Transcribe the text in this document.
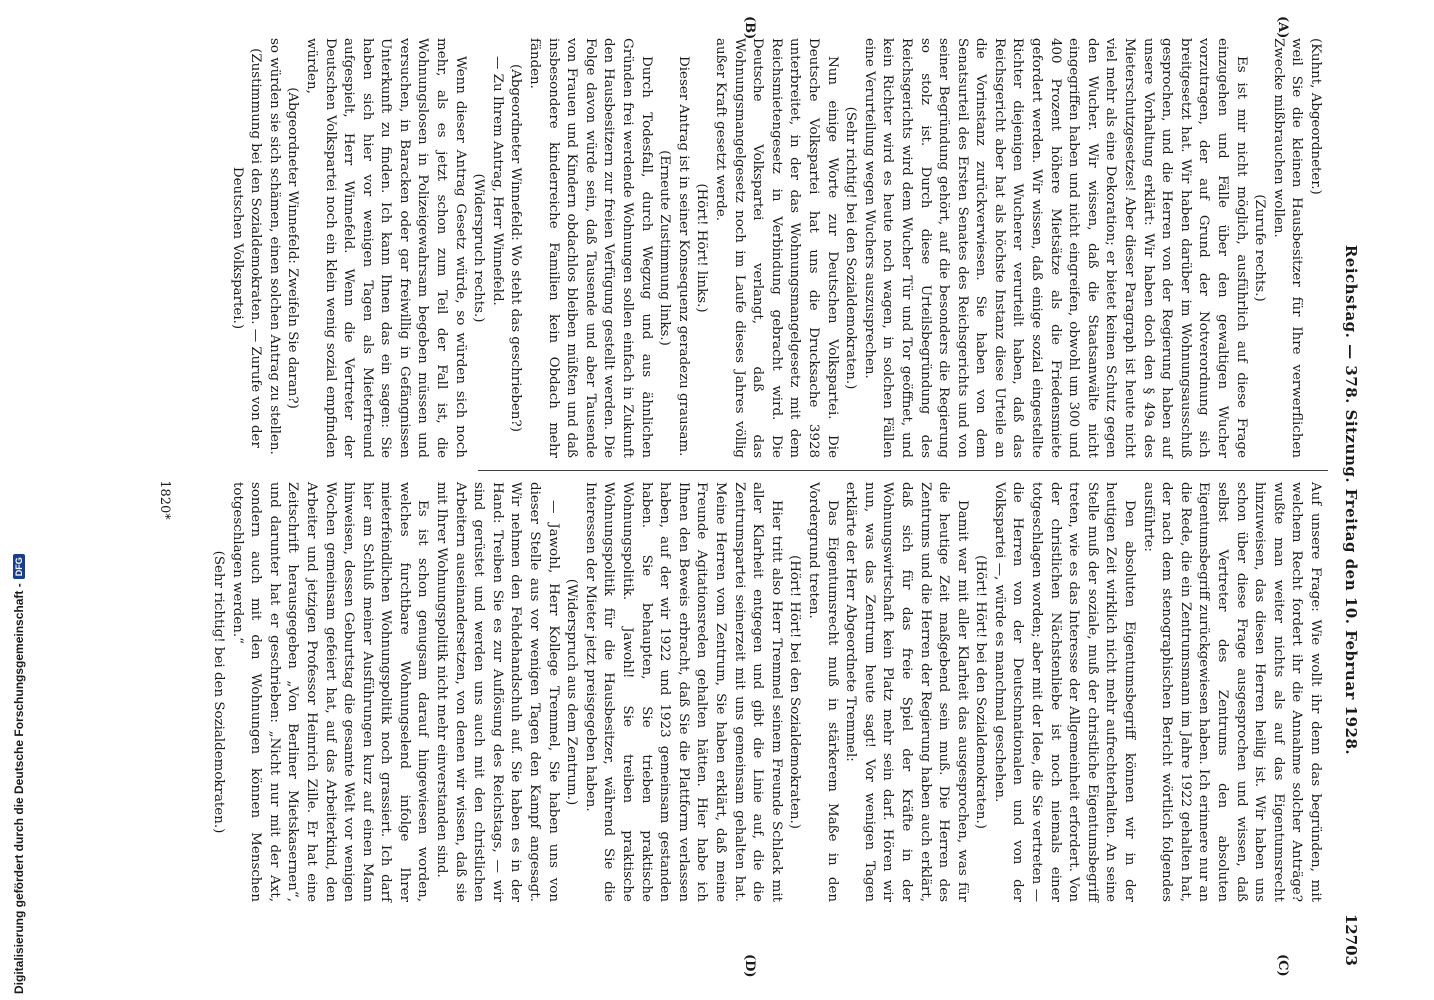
Reichstag. — 378. Sitzung. Freitag den 10. Februar 1928.
12703
(A)
(B)
(C)
(D)

(Kuhnt, Abgeordneter.)

weil Sie die kleinen Hausbesitzer für Ihre verwerflichen Zwecke mißbrauchen wollen.

(Zurufe rechts.)

Es ist mir nicht möglich, ausführlich auf diese Frage einzugehen und Fälle über den gewaltigen Wucher vorzutragen, der auf Grund der Notverordnung sich breitgesetzt hat. Wir haben darüber im Wohnungsausschuß gesprochen, und die Herren von der Regierung haben auf unsere Vorhaltung erklärt: Wir haben doch den § 49a des Mieterschutzgesetzes! Aber dieser Paragraph ist heute nicht viel mehr als eine Dekoration; er bietet keinen Schutz gegen den Wucher. Wir wissen, daß die Staatsanwälte nicht eingegriffen haben und nicht eingreifen, obwohl um 300 und 400 Prozent höhere Mietsätze als die Friedensmiete gefordert werden. Wir wissen, daß einige sozial eingestellte Richter diejenigen Wucherer verurteilt haben, daß das Reichsgericht aber hat als höchste Instanz diese Urteile an die Vorinstanz zurückverwiesen. Sie haben von dem Senatsurteil des Ersten Senates des Reichsgerichts und von seiner Begründung gehört, auf die besonders die Regierung so stolz ist. Durch diese Urteilsbegründung des Reichsgerichts wird dem Wucher Tür und Tor geöffnet, und kein Richter wird es heute noch wagen, in solchen Fällen eine Verurteilung wegen Wuchers auszusprechen.

(Sehr richtig! bei den Sozialdemokraten.)

Nun einige Worte zur Deutschen Volkspartei. Die Deutsche Volkspartei hat uns die Drucksache 3928 unterbreitet, in der das Wohnungsmangelgesetz mit dem Reichsmietengesetz in Verbindung gebracht wird. Die Deutsche Volkspartei verlangt, daß das Wohnungsmangelgesetz noch im Laufe dieses Jahres völlig außer Kraft gesetzt werde.

(Hört! Hört! links.)

Dieser Antrag ist in seiner Konsequenz geradezu grausam.

(Erneute Zustimmung links.)

Durch Todesfall, durch Wegzug und aus ähnlichen Gründen frei werdende Wohnungen sollen einfach in Zukunft den Hausbesitzern zur freien Verfügung gestellt werden. Die Folge davon würde sein, daß Tausende und aber Tausende von Frauen und Kindern obdachlos bleiben müßten und daß insbesondere kinderreiche Familien kein Obdach mehr fänden.

(Abgeordneter Winnefeld: Wo steht das geschrieben?)

— Zu Ihrem Antrag, Herr Winnefeld.

(Widerspruch rechts.)

Wenn dieser Antrag Gesetz würde, so würden sich noch mehr, als es jetzt schon zum Teil der Fall ist, die Wohnungslosen in Polizeigewahrsam begeben müssen und versuchen, in Baracken oder gar freiwillig in Gefängnissen Unterkunft zu finden. Ich kann Ihnen das ein sagen: Sie haben sich hier vor wenigen Tagen als Mieterfreund aufgespielt, Herr Winnefeld. Wenn die Vertreter der Deutschen Volkspartei noch ein klein wenig sozial empfinden würden,

(Abgeordneter Winnefeld: Zweifeln Sie daran?)

so würden sie sich schämen, einen solchen Antrag zu stellen.

(Zustimmung bei den Sozialdemokraten. — Zurufe von der Deutschen Volkspartei.)

Auf unsere Frage: Wie wollt ihr denn das begründen, mit welchem Recht fordert ihr die Annahme solcher Anträge? wußte man weiter nichts als auf das Eigentumsrecht hinzuweisen, das diesen Herren heilig ist. Wir haben uns schon über diese Frage ausgesprochen und wissen, daß selbst Vertreter des Zentrums den absoluten Eigentumsbegriff zurückgewiesen haben. Ich erinnere nur an die Rede, die ein Zentrumsmann im Jahre 1922 gehalten hat, der nach dem stenographischen Bericht wörtlich folgendes ausführte:

Den absoluten Eigentumsbegriff können wir in der heutigen Zeit wirklich nicht mehr aufrechterhalten. An seine Stelle muß der soziale, muß der christliche Eigentumsbegriff treten, wie es das Interesse der Allgemeinheit erfordert. Von der christlichen Nächstenliebe ist noch niemals einer totgeschlagen worden; aber mit der Idee, die Sie vertreten — die Herren von der Deutschnationalen und von der Volkspartei —, würde es manchmal geschehen.

(Hört! Hört! bei den Sozialdemokraten.)

Damit war mit aller Klarheit das ausgesprochen, was für die heutige Zeit maßgebend sein muß. Die Herren des Zentrums und die Herren der Regierung haben auch erklärt, daß sich für das freie Spiel der Kräfte in der Wohnungswirtschaft kein Platz mehr sein darf. Hören wir nun, was das Zentrum heute sagt! Vor wenigen Tagen erklärte der Herr Abgeordnete Tremmel:

Das Eigentumsrecht muß in stärkerem Maße in den Vordergrund treten.

(Hört! Hört! bei den Sozialdemokraten.)

Hier tritt also Herr Tremmel seinem Freunde Schlack mit aller Klarheit entgegen und gibt die Linie auf, die die Zentrumspartei seinerzeit mit uns gemeinsam gehalten hat. Meine Herren vom Zentrum, Sie haben erklärt, daß meine Freunde Agitationsreden gehalten hätten. Hier habe ich Ihnen den Beweis erbracht, daß Sie die Plattform verlassen haben, auf der wir 1922 und 1923 gemeinsam gestanden haben. Sie behaupten, Sie trieben praktische Wohnungspolitik. Jawohl! Sie treiben praktische Wohnungspolitik für die Hausbesitzer, während Sie die Interessen der Mieter jetzt preisgegeben haben.

(Widerspruch aus dem Zentrum.)

— Jawohl, Herr Kollege Tremmel, Sie haben uns von dieser Stelle aus vor wenigen Tagen den Kampf angesagt. Wir nehmen den Fehdehandschuh auf. Sie haben es in der Hand: Treiben Sie es zur Auflösung des Reichstags, — wir sind gerüstet und werden uns auch mit den christlichen Arbeitern auseinandersetzen, von denen wir wissen, daß sie mit Ihrer Wohnungspolitik nicht mehr einverstanden sind.

Es ist schon genugsam darauf hingewiesen worden, welches furchtbare Wohnungselend infolge Ihrer mieterfeindlichen Wohnungspolitik noch grassiert. Ich darf hier am Schluß meiner Ausführungen kurz auf einen Mann hinweisen, dessen Geburtstag die gesamte Welt vor wenigen Wochen gemeinsam gefeiert hat, auf das Arbeiterkind, den Arbeiter und jetzigen Professor Heinrich Zille. Er hat eine Zeitschrift herausgegeben „Von Berliner Mietskasernen“, und darunter hat er geschrieben: „Nicht nur mit der Axt, sondern auch mit den Wohnungen können Menschen totgeschlagen werden.“

(Sehr richtig! bei den Sozialdemokraten.)

1820*
Digitalisierung gefördert durch die Deutsche Forschungsgemeinschaft -
DFG
